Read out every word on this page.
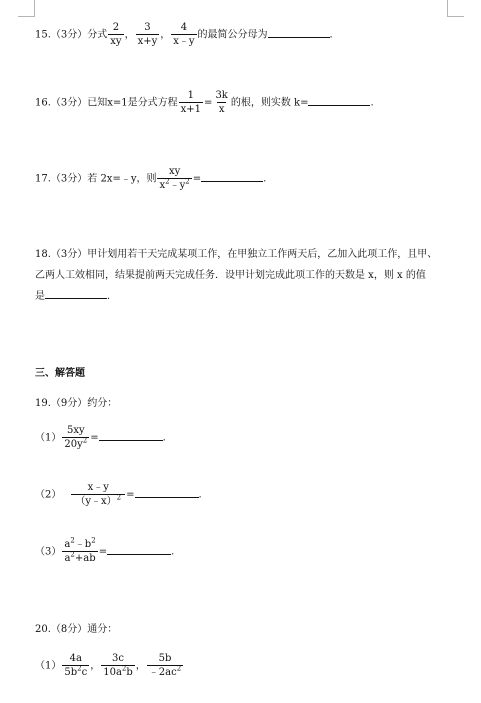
15.（3分）分式 $\frac{2}{xy}$ ， $\frac{3}{x+y}$ ， $\frac{4}{x﹣y}$ 的最简公分母为	.
16.（3分）已知x=1是分式方程 $\frac{1}{x+1} = \frac{3k}{x}$ 的根，则实数 k=	.
17.（3分）若 2x=﹣y，则 $\frac{xy}{x^2﹣y^2}$ =	.
18.（3分）甲计划用若干天完成某项工作，在甲独立工作两天后，乙加入此项工作，且甲、
乙两人工效相同，结果提前两天完成任务．设甲计划完成此项工作的天数是 x，则 x 的值
是	.
三、解答题
19.（9分）约分：
$(1) \frac{5xy}{20y^2}$ =	.
$(2) \frac{x﹣y}{(y﹣x)^2}$ =	.
$(3) \frac{a^2﹣b^2}{a^2+ab}$ =	.
20.（8分）通分：
$(1) \frac{4a}{5b^2c}$ ， $\frac{3c}{10a^2b}$ ， $\frac{5b}{﹣2ac^2}$
